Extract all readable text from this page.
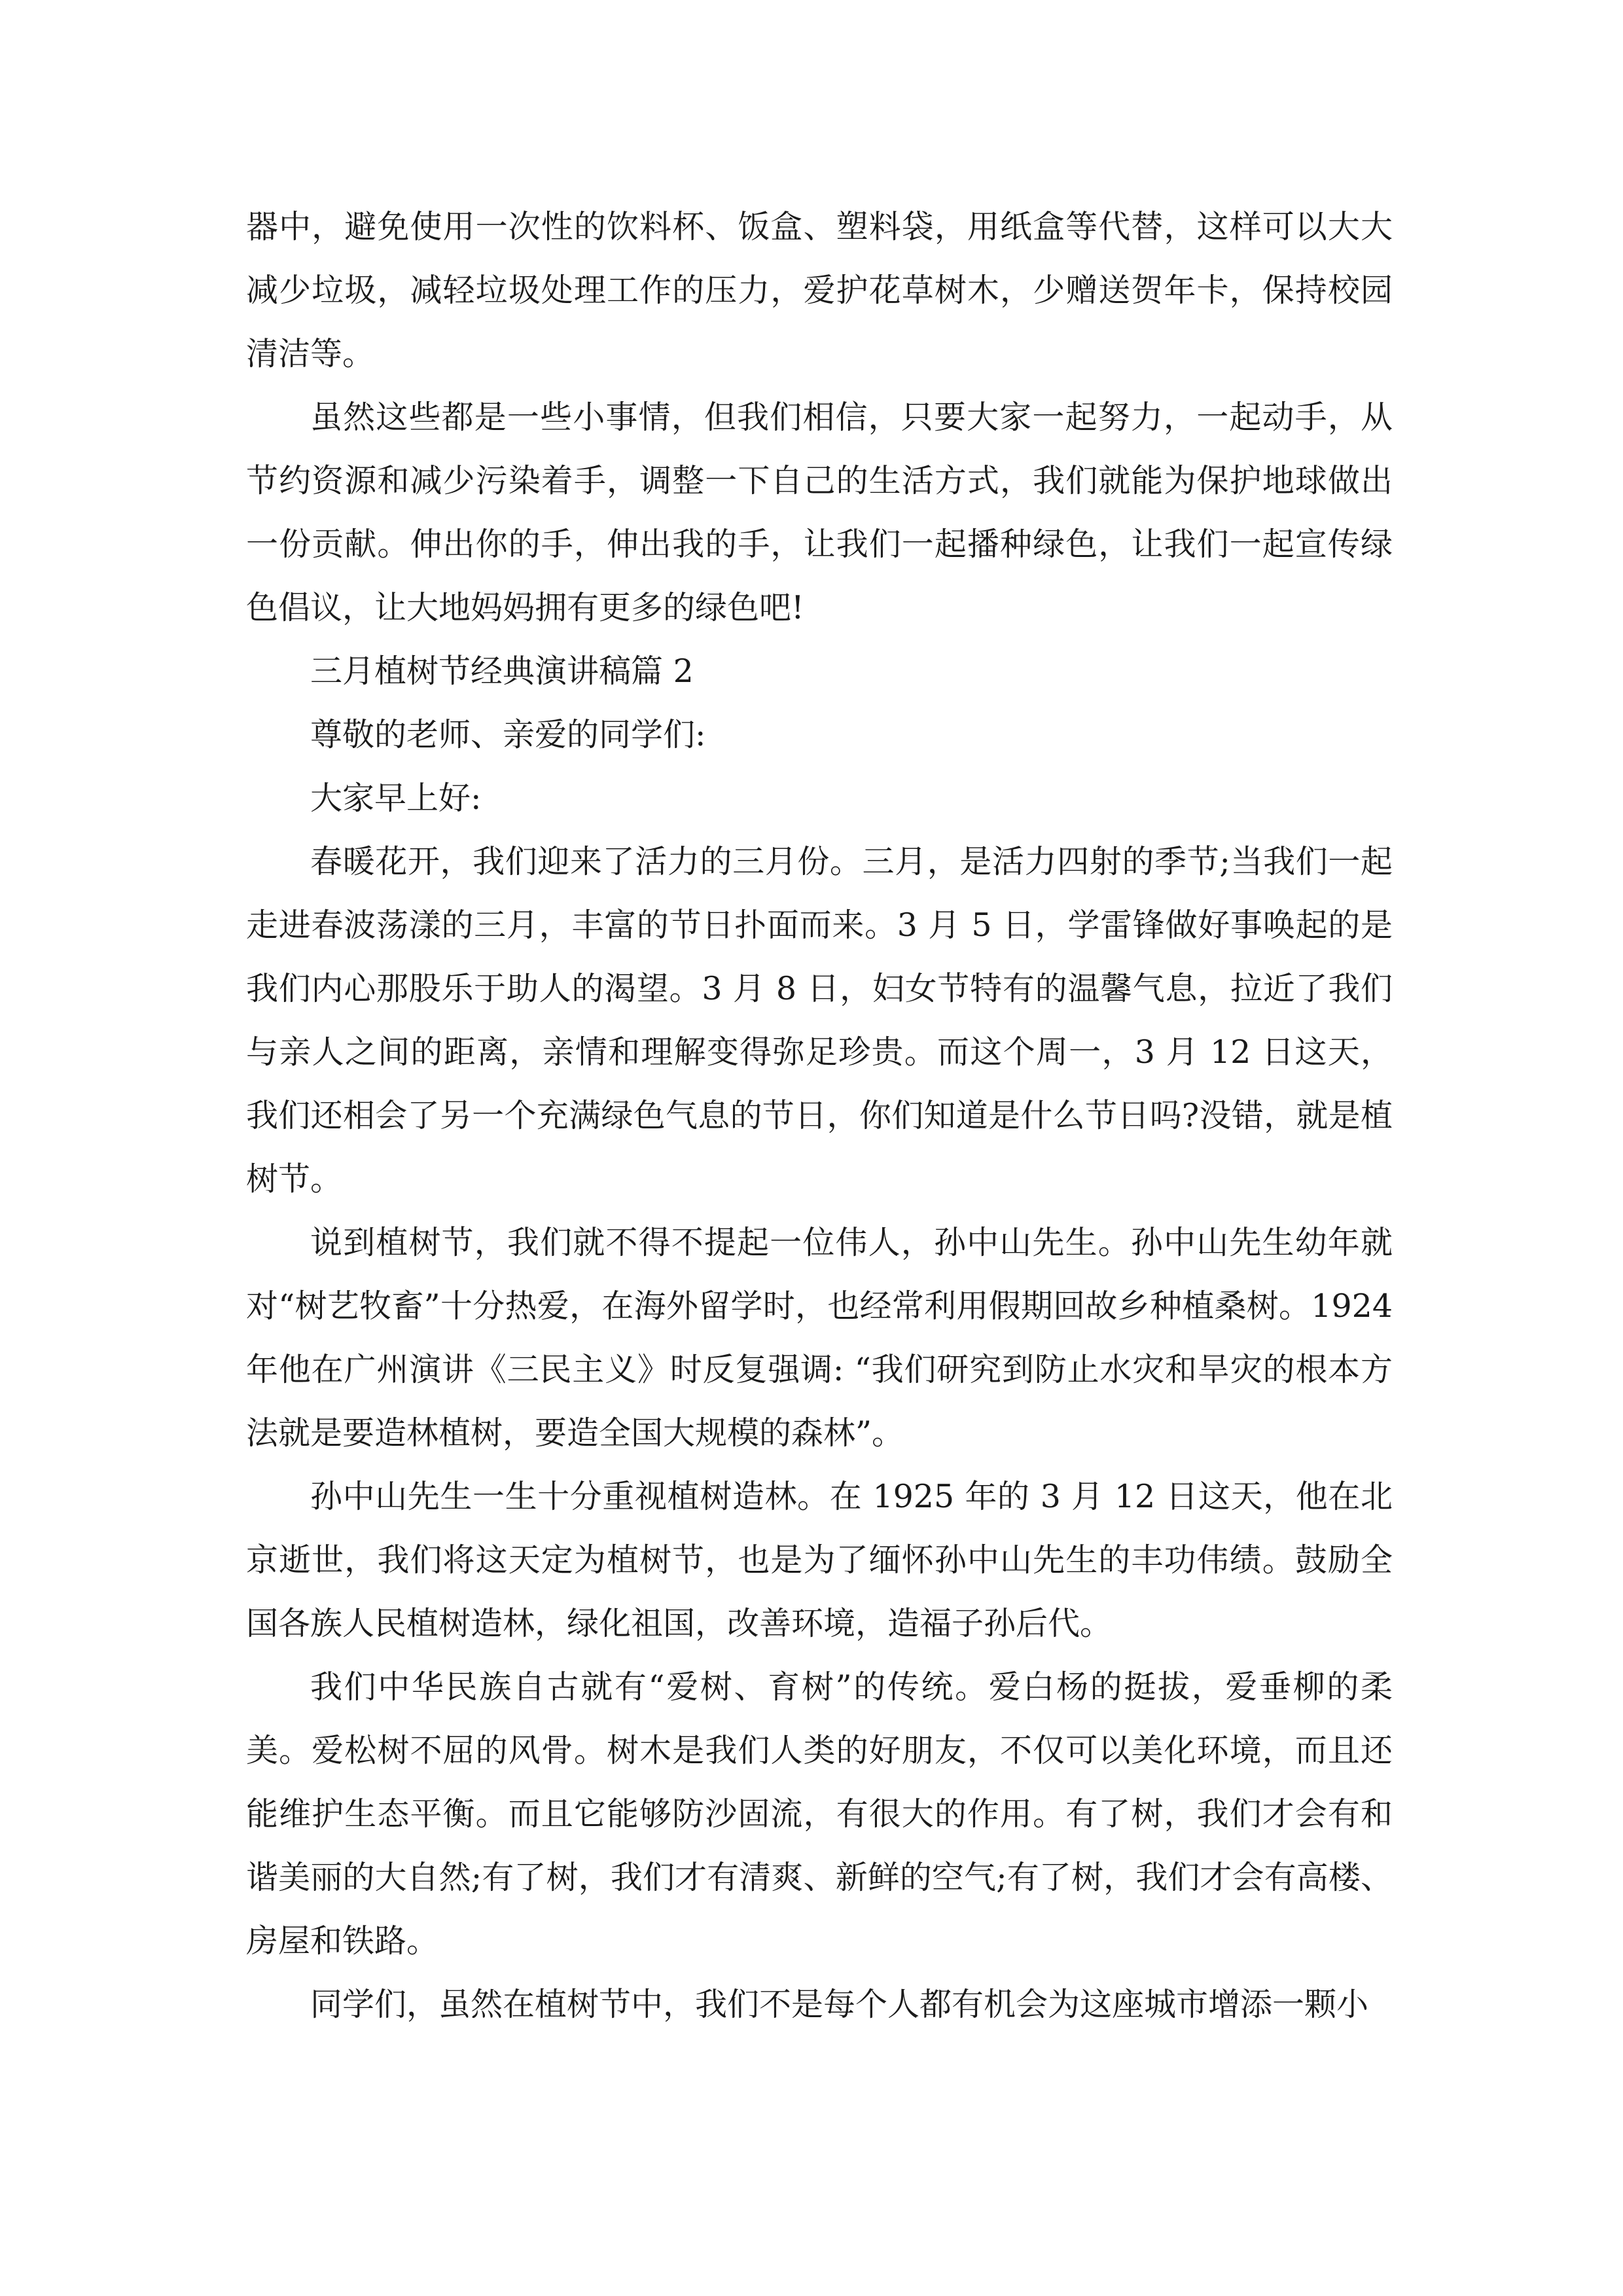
器中，避免使用一次性的饮料杯、饭盒、塑料袋，用纸盒等代替，这样可以大大减少垃圾，减轻垃圾处理工作的压力，爱护花草树木，少赠送贺年卡，保持校园清洁等。

虽然这些都是一些小事情，但我们相信，只要大家一起努力，一起动手，从节约资源和减少污染着手，调整一下自己的生活方式，我们就能为保护地球做出一份贡献。伸出你的手，伸出我的手，让我们一起播种绿色，让我们一起宣传绿色倡议，让大地妈妈拥有更多的绿色吧!

三月植树节经典演讲稿篇 2

尊敬的老师、亲爱的同学们:

大家早上好:

春暖花开，我们迎来了活力的三月份。三月，是活力四射的季节;当我们一起走进春波荡漾的三月，丰富的节日扑面而来。3 月 5 日，学雷锋做好事唤起的是我们内心那股乐于助人的渴望。3 月 8 日，妇女节特有的温馨气息，拉近了我们与亲人之间的距离，亲情和理解变得弥足珍贵。而这个周一，3 月 12 日这天，我们还相会了另一个充满绿色气息的节日，你们知道是什么节日吗?没错，就是植树节。

说到植树节，我们就不得不提起一位伟人，孙中山先生。孙中山先生幼年就对“树艺牧畜”十分热爱，在海外留学时，也经常利用假期回故乡种植桑树。1924 年他在广州演讲《三民主义》时反复强调: “我们研究到防止水灾和旱灾的根本方法就是要造林植树，要造全国大规模的森林”。

孙中山先生一生十分重视植树造林。在 1925 年的 3 月 12 日这天，他在北京逝世，我们将这天定为植树节，也是为了缅怀孙中山先生的丰功伟绩。鼓励全国各族人民植树造林，绿化祖国，改善环境，造福子孙后代。

我们中华民族自古就有“爱树、育树”的传统。爱白杨的挺拔，爱垂柳的柔美。爱松树不屈的风骨。树木是我们人类的好朋友，不仅可以美化环境，而且还能维护生态平衡。而且它能够防沙固流，有很大的作用。有了树，我们才会有和谐美丽的大自然;有了树，我们才有清爽、新鲜的空气;有了树，我们才会有高楼、房屋和铁路。

同学们，虽然在植树节中，我们不是每个人都有机会为这座城市增添一颗小
